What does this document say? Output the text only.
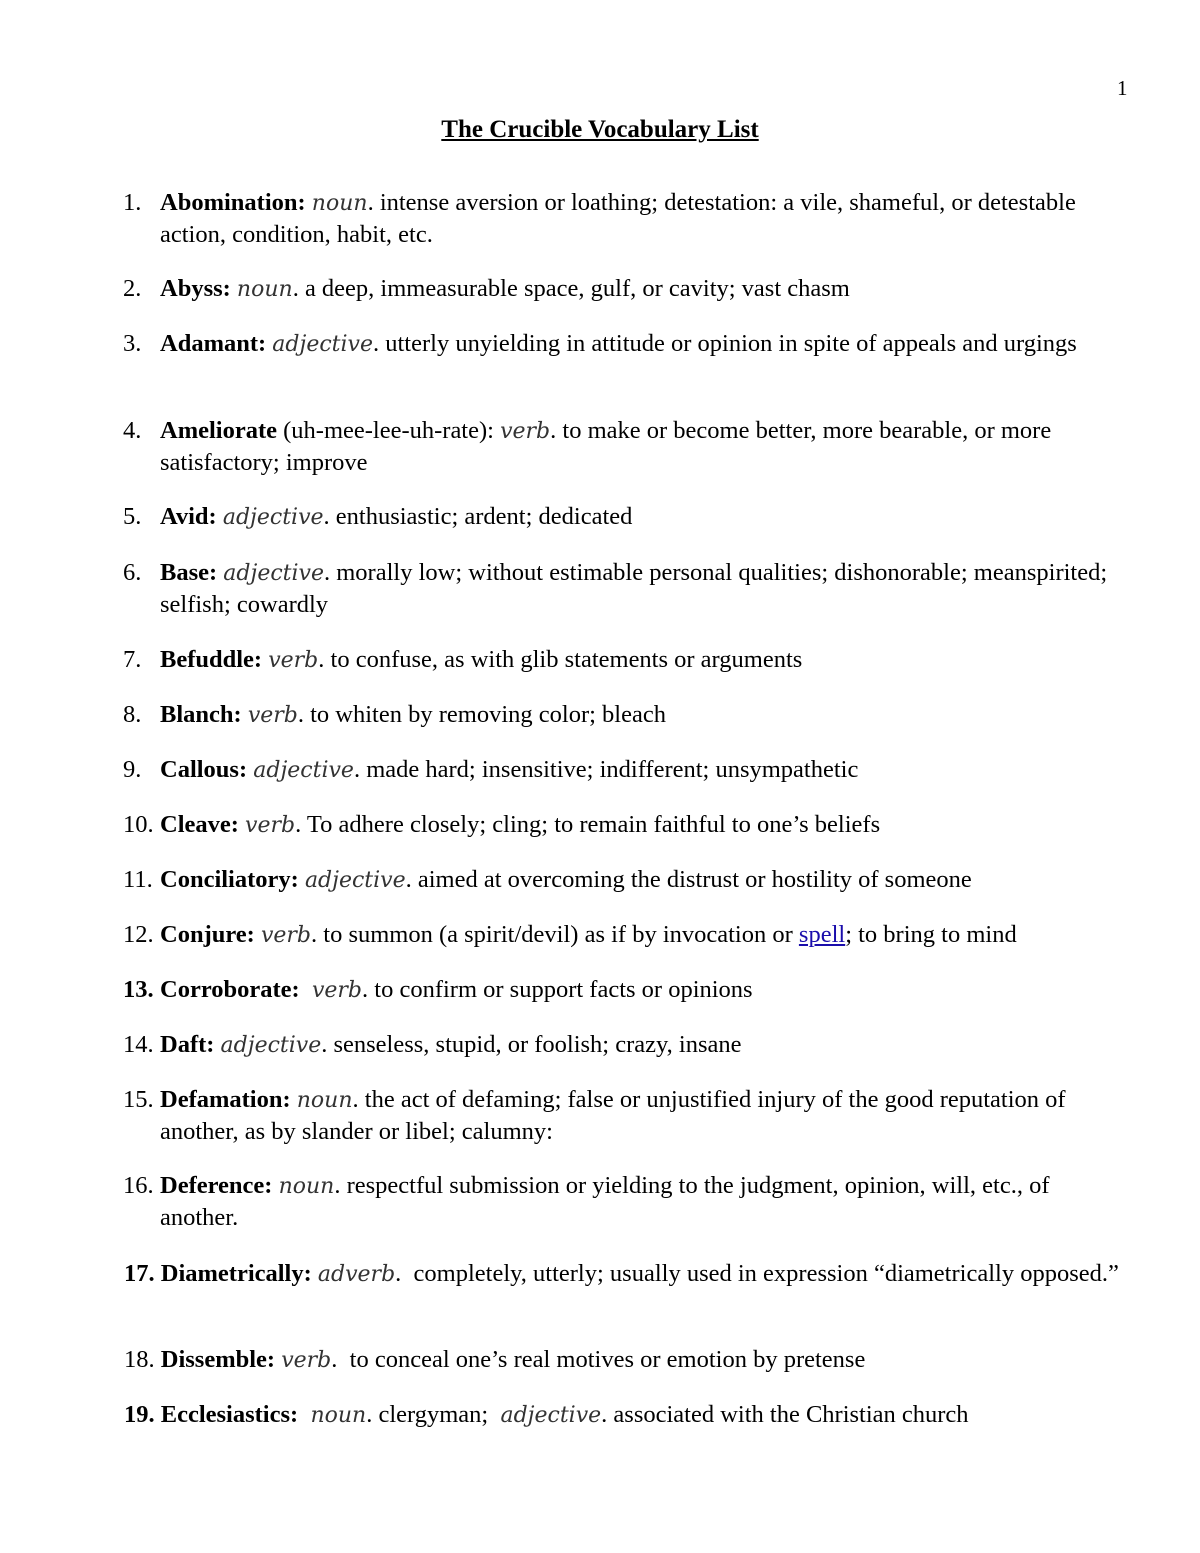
1
The Crucible Vocabulary List
1. Abomination: noun. intense aversion or loathing; detestation: a vile, shameful, or detestable action, condition, habit, etc.
2. Abyss: noun. a deep, immeasurable space, gulf, or cavity; vast chasm
3. Adamant: adjective. utterly unyielding in attitude or opinion in spite of appeals and urgings
4. Ameliorate (uh-mee-lee-uh-rate): verb. to make or become better, more bearable, or more satisfactory; improve
5. Avid: adjective. enthusiastic; ardent; dedicated
6. Base: adjective. morally low; without estimable personal qualities; dishonorable; meanspirited; selfish; cowardly
7. Befuddle: verb. to confuse, as with glib statements or arguments
8. Blanch: verb. to whiten by removing color; bleach
9. Callous: adjective. made hard; insensitive; indifferent; unsympathetic
10. Cleave: verb. To adhere closely; cling; to remain faithful to one’s beliefs
11. Conciliatory: adjective. aimed at overcoming the distrust or hostility of someone
12. Conjure: verb. to summon (a spirit/devil) as if by invocation or spell; to bring to mind
13. Corroborate: verb. to confirm or support facts or opinions
14. Daft: adjective. senseless, stupid, or foolish; crazy, insane
15. Defamation: noun. the act of defaming; false or unjustified injury of the good reputation of another, as by slander or libel; calumny:
16. Deference: noun. respectful submission or yielding to the judgment, opinion, will, etc., of another.
17. Diametrically: adverb.  completely, utterly; usually used in expression “diametrically opposed.”
18. Dissemble: verb.  to conceal one’s real motives or emotion by pretense
19. Ecclesiastics: noun. clergyman; adjective. associated with the Christian church
